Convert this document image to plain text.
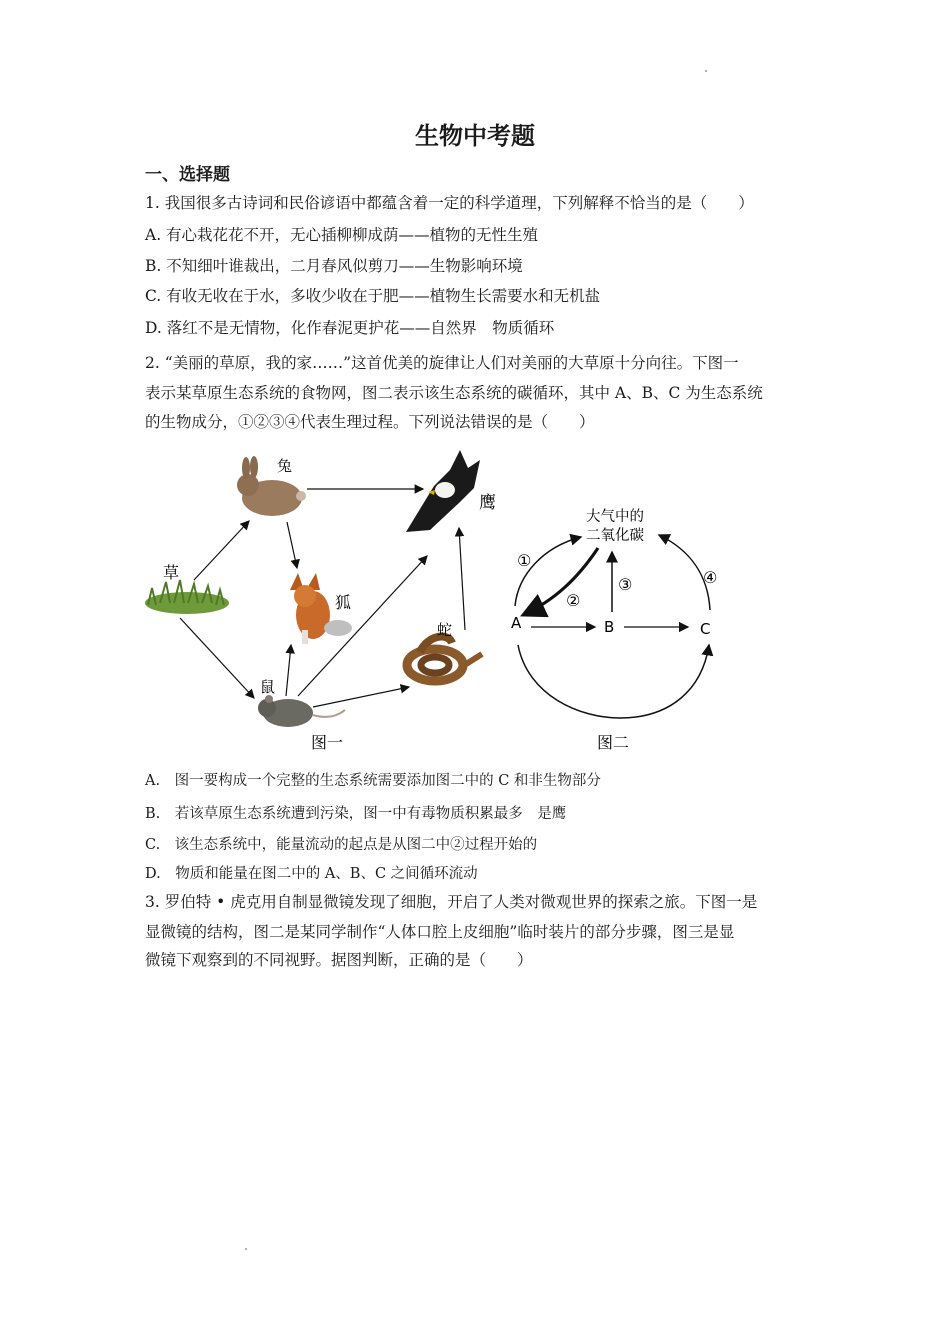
生物中考题
一、选择题
1. 我国很多古诗词和民俗谚语中都蕴含着一定的科学道理，下列解释不恰当的是（　　）
A. 有心栽花花不开，无心插柳柳成荫——植物的无性生殖
B. 不知细叶谁裁出，二月春风似剪刀——生物影响环境
C. 有收无收在于水，多收少收在于肥——植物生长需要水和无机盐
D. 落红不是无情物，化作春泥更护花——自然界　物质循环
2. “美丽的草原，我的家……”这首优美的旋律让人们对美丽的大草原十分向往。下图一
表示某草原生态系统的食物网，图二表示该生态系统的碳循环，其中 A、B、C 为生态系统
的生物成分，①②③④代表生理过程。下列说法错误的是（　　）
兔
鹰
草
狐
蛇
鼠
图一
大气中的
二氧化碳
A	B	C
①
②
③	④
图二
A.　图一要构成一个完整的生态系统需要添加图二中的 C 和非生物部分
B.　若该草原生态系统遭到污染，图一中有毒物质积累最多　是鹰
C.　该生态系统中，能量流动的起点是从图二中②过程开始的
D.　物质和能量在图二中的 A、B、C 之间循环流动
3. 罗伯特 • 虎克用自制显微镜发现了细胞，开启了人类对微观世界的探索之旅。下图一是
显微镜的结构，图二是某同学制作“人体口腔上皮细胞”临时装片的部分步骤，图三是显
微镜下观察到的不同视野。据图判断，正确的是（　　）
